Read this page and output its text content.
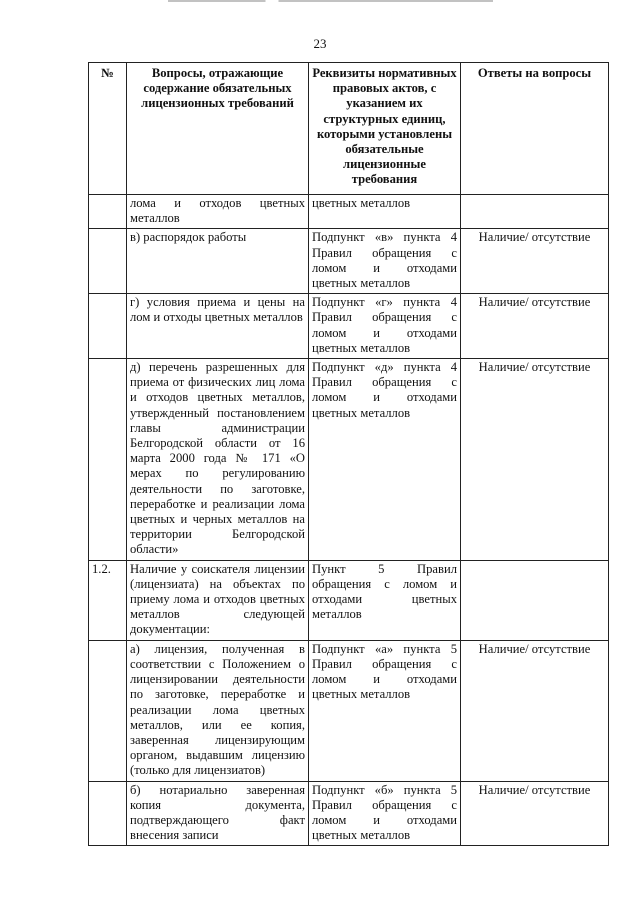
23
№	Вопросы, отражающие содержание обязательных лицензионных требований	Реквизиты нормативных правовых актов, с указанием их структурных единиц, которыми установлены обязательные лицензионные требования	Ответы на вопросы
	лома и отходов цветных металлов	цветных металлов	
	в) распорядок работы	Подпункт «в» пункта 4 Правил обращения с ломом и отходами цветных металлов	Наличие/ отсутствие
	г) условия приема и цены на лом и отходы цветных металлов	Подпункт «г» пункта 4 Правил обращения с ломом и отходами цветных металлов	Наличие/ отсутствие
	д) перечень разрешенных для приема от физических лиц лома и отходов цветных металлов, утвержденный постановлением главы администрации Белгородской области от 16 марта 2000 года № 171 «О мерах по регулированию деятельности по заготовке, переработке и реализации лома цветных и черных металлов на территории Белгородской области»	Подпункт «д» пункта 4 Правил обращения с ломом и отходами цветных металлов	Наличие/ отсутствие
1.2.	Наличие у соискателя лицензии (лицензиата) на объектах по приему лома и отходов цветных металлов следующей документации:	Пункт 5 Правил обращения с ломом и отходами цветных металлов	
	а) лицензия, полученная в соответствии с Положением о лицензировании деятельности по заготовке, переработке и реализации лома цветных металлов, или ее копия, заверенная лицензирующим органом, выдавшим лицензию (только для лицензиатов)	Подпункт «а» пункта 5 Правил обращения с ломом и отходами цветных металлов	Наличие/ отсутствие
	б) нотариально заверенная копия документа, подтверждающего факт внесения записи	Подпункт «б» пункта 5 Правил обращения с ломом и отходами цветных металлов	Наличие/ отсутствие
